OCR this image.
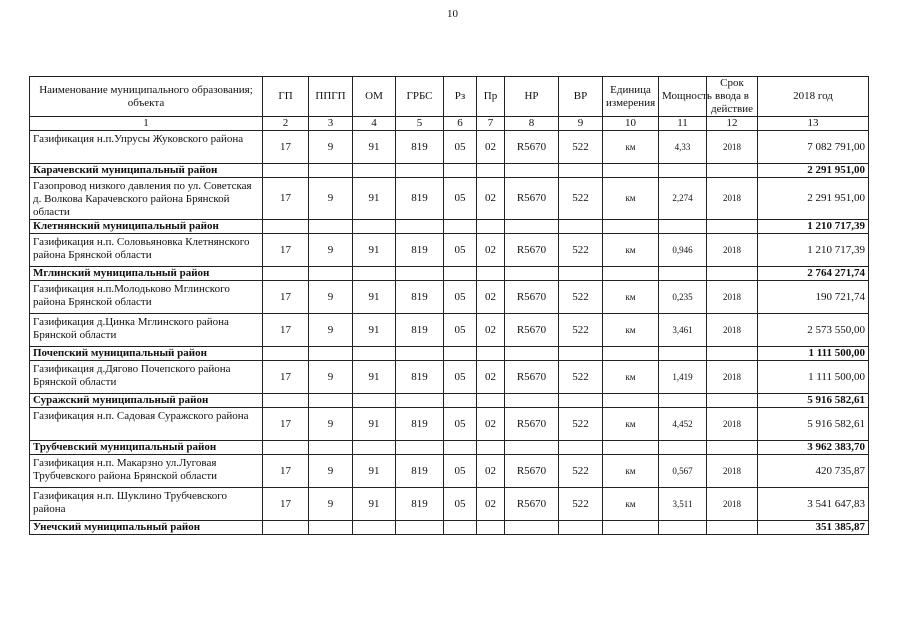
10
Наименование муниципального образования; объекта	ГП	ППГП	ОМ	ГРБС	Рз	Пр	НР	ВР	Единица измерения	Мощность	Срок ввода в действие	2018 год
1	2	3	4	5	6	7	8	9	10	11	12	13
Газификация н.п.Упрусы Жуковского района	17	9	91	819	05	02	R5670	522	км	4,33	2018	7 082 791,00
Карачевский муниципальный район												2 291 951,00
Газопровод низкого давления по ул. Советская д. Волкова Карачевского района Брянской области	17	9	91	819	05	02	R5670	522	км	2,274	2018	2 291 951,00
Клетнянский муниципальный район												1 210 717,39
Газификация н.п. Соловьяновка Клетнянского района Брянской области	17	9	91	819	05	02	R5670	522	км	0,946	2018	1 210 717,39
Мглинский муниципальный район												2 764 271,74
Газификация н.п.Молодьково Мглинского района Брянской области	17	9	91	819	05	02	R5670	522	км	0,235	2018	190 721,74
Газификация д.Цинка Мглинского района Брянской области	17	9	91	819	05	02	R5670	522	км	3,461	2018	2 573 550,00
Почепский муниципальный район												1 111 500,00
Газификация д.Дягово Почепского района Брянской области	17	9	91	819	05	02	R5670	522	км	1,419	2018	1 111 500,00
Суражский муниципальный район												5 916 582,61
Газификация н.п. Садовая Суражского района	17	9	91	819	05	02	R5670	522	км	4,452	2018	5 916 582,61
Трубчевский муниципальный район												3 962 383,70
Газификация н.п. Макарзно ул.Луговая Трубчевского района Брянской области	17	9	91	819	05	02	R5670	522	км	0,567	2018	420 735,87
Газификация н.п. Шуклино Трубчевского района	17	9	91	819	05	02	R5670	522	км	3,511	2018	3 541 647,83
Унечский муниципальный район												351 385,87
